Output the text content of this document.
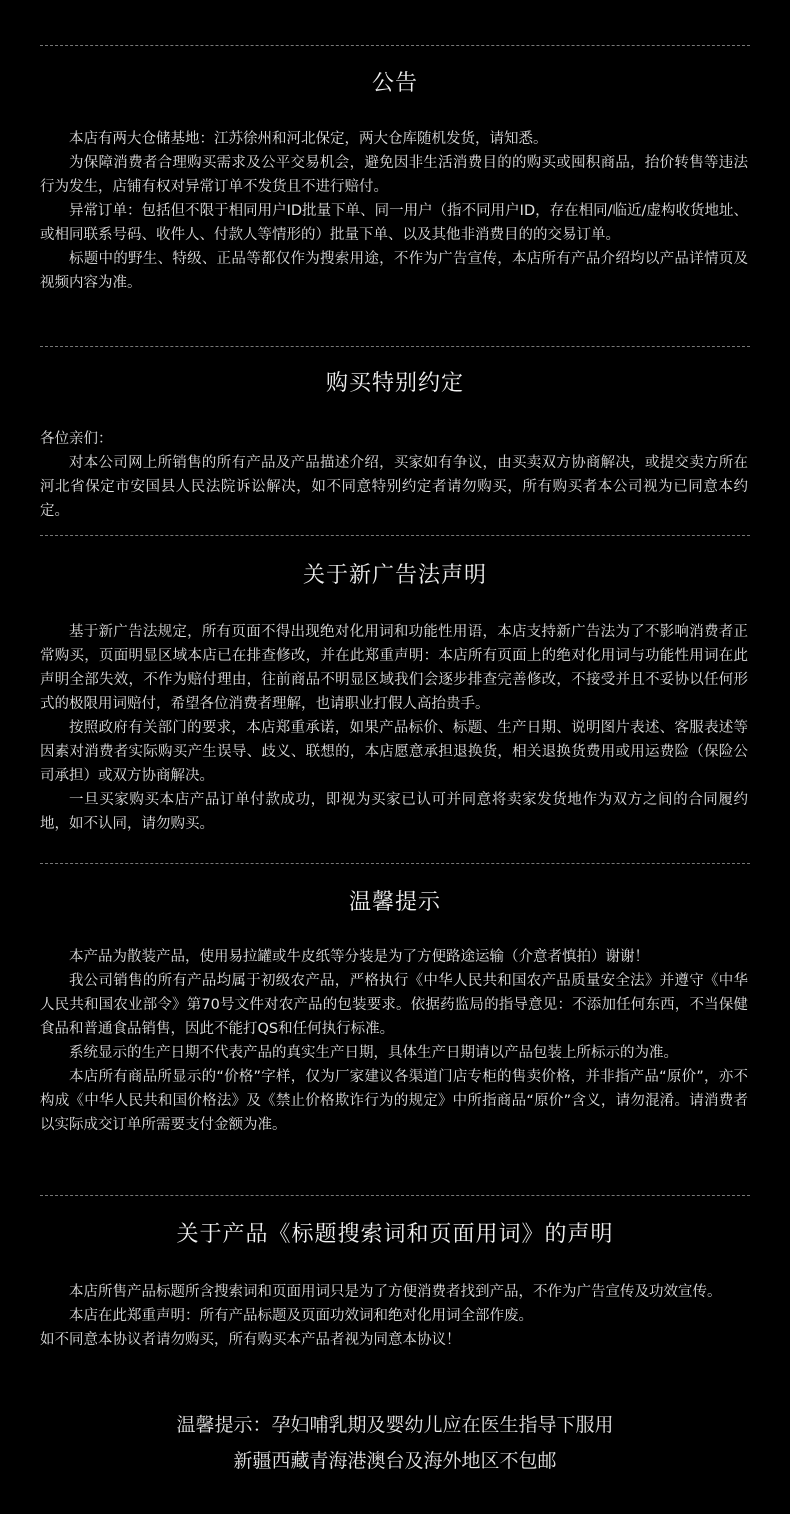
公告

本店有两大仓储基地：江苏徐州和河北保定，两大仓库随机发货，请知悉。

为保障消费者合理购买需求及公平交易机会，避免因非生活消费目的的购买或囤积商品，抬价转售等违法行为发生，店铺有权对异常订单不发货且不进行赔付。

异常订单：包括但不限于相同用户ID批量下单、同一用户（指不同用户ID，存在相同/临近/虚构收货地址、或相同联系号码、收件人、付款人等情形的）批量下单、以及其他非消费目的的交易订单。

标题中的野生、特级、正品等都仅作为搜索用途，不作为广告宣传，本店所有产品介绍均以产品详情页及视频内容为准。

购买特别约定

各位亲们：

对本公司网上所销售的所有产品及产品描述介绍，买家如有争议，由买卖双方协商解决，或提交卖方所在河北省保定市安国县人民法院诉讼解决，如不同意特别约定者请勿购买，所有购买者本公司视为已同意本约定。

关于新广告法声明

基于新广告法规定，所有页面不得出现绝对化用词和功能性用语，本店支持新广告法为了不影响消费者正常购买，页面明显区域本店已在排查修改，并在此郑重声明：本店所有页面上的绝对化用词与功能性用词在此声明全部失效，不作为赔付理由，往前商品不明显区域我们会逐步排查完善修改，不接受并且不妥协以任何形式的极限用词赔付，希望各位消费者理解，也请职业打假人高抬贵手。

按照政府有关部门的要求，本店郑重承诺，如果产品标价、标题、生产日期、说明图片表述、客服表述等因素对消费者实际购买产生误导、歧义、联想的，本店愿意承担退换货，相关退换货费用或用运费险（保险公司承担）或双方协商解决。

一旦买家购买本店产品订单付款成功，即视为买家已认可并同意将卖家发货地作为双方之间的合同履约地，如不认同，请勿购买。

温馨提示

本产品为散装产品，使用易拉罐或牛皮纸等分装是为了方便路途运输（介意者慎拍）谢谢！

我公司销售的所有产品均属于初级农产品，严格执行《中华人民共和国农产品质量安全法》并遵守《中华人民共和国农业部令》第70号文件对农产品的包装要求。依据药监局的指导意见：不添加任何东西，不当保健食品和普通食品销售，因此不能打QS和任何执行标准。

系统显示的生产日期不代表产品的真实生产日期，具体生产日期请以产品包装上所标示的为准。

本店所有商品所显示的“价格”字样，仅为厂家建议各渠道门店专柜的售卖价格，并非指产品“原价”，亦不构成《中华人民共和国价格法》及《禁止价格欺诈行为的规定》中所指商品“原价”含义，请勿混淆。请消费者以实际成交订单所需要支付金额为准。

关于产品《标题搜索词和页面用词》的声明

本店所售产品标题所含搜索词和页面用词只是为了方便消费者找到产品，不作为广告宣传及功效宣传。

本店在此郑重声明：所有产品标题及页面功效词和绝对化用词全部作废。

如不同意本协议者请勿购买，所有购买本产品者视为同意本协议！

温馨提示：孕妇哺乳期及婴幼儿应在医生指导下服用
新疆西藏青海港澳台及海外地区不包邮
